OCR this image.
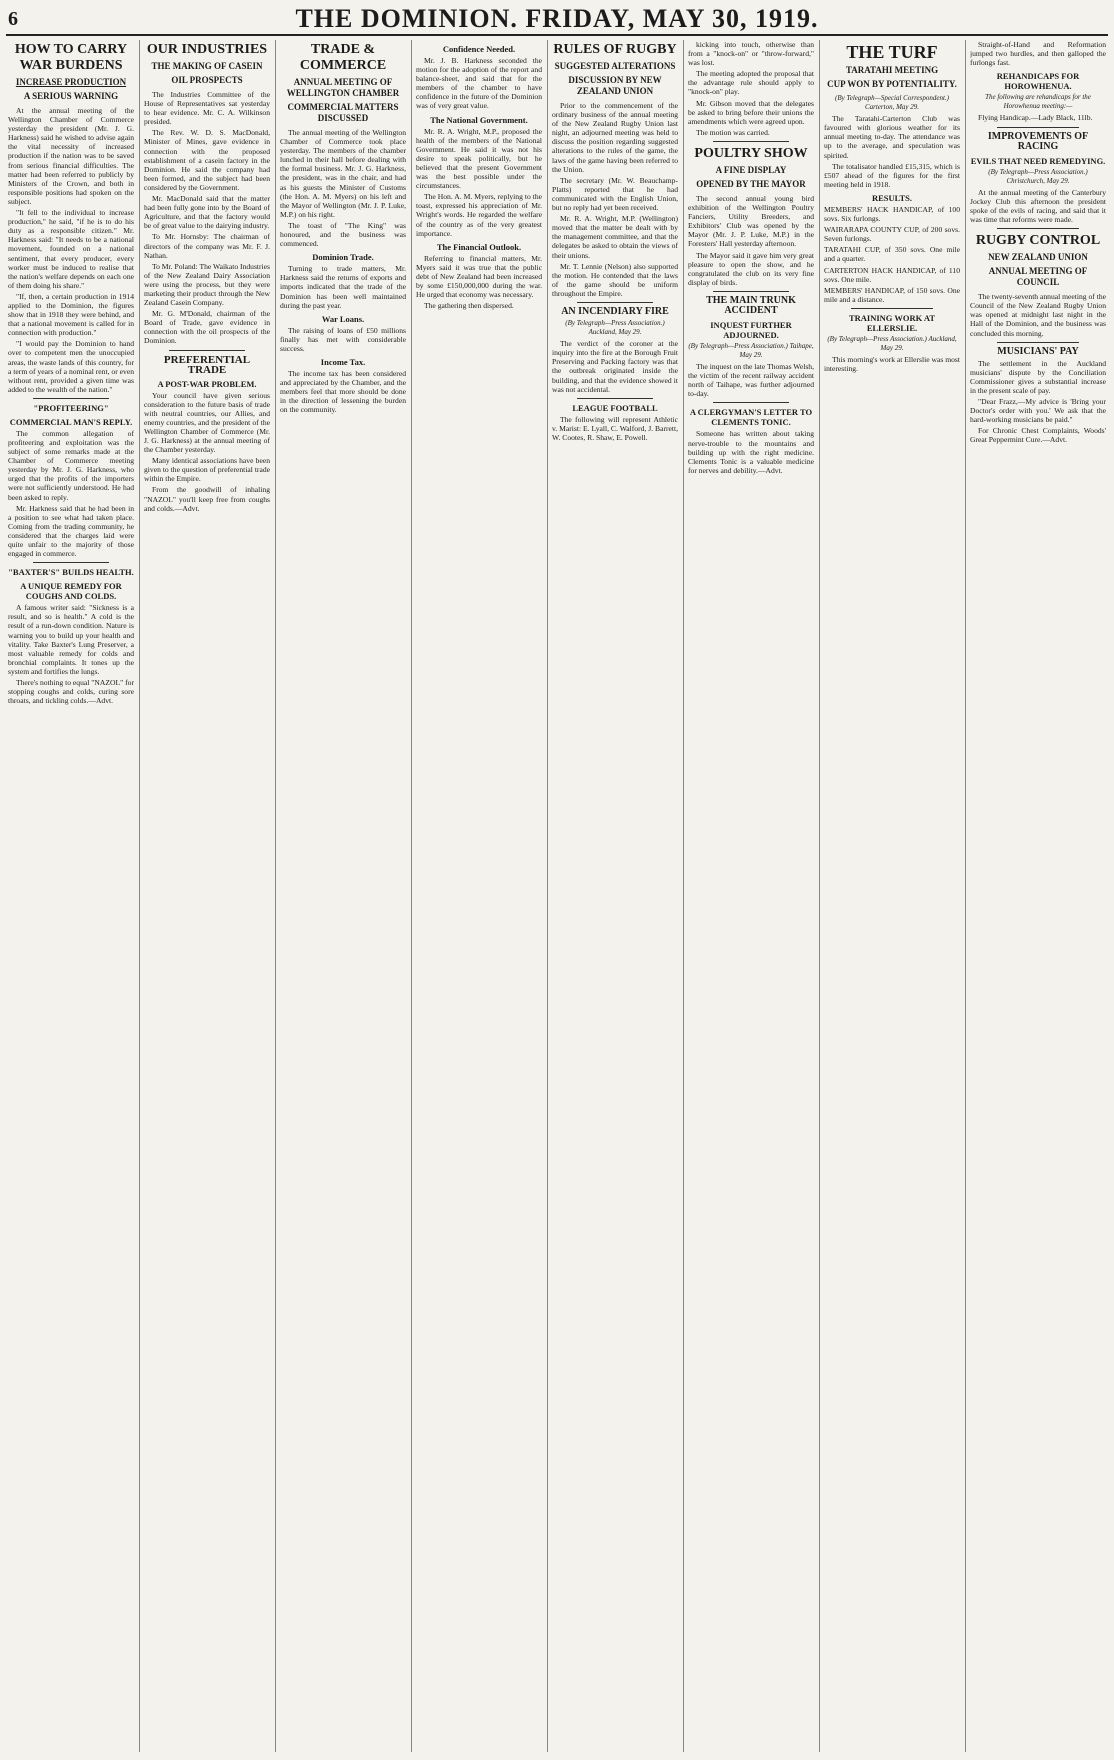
6	THE DOMINION. FRIDAY, MAY 30, 1919.
HOW TO CARRY WAR BURDENS
INCREASE PRODUCTION
A SERIOUS WARNING

At the annual meeting of the Wellington Chamber of Commerce yesterday the president (Mr. J. G. Harkness) said he wished to advise again the vital necessity of increased production if the nation was to be saved from serious financial difficulties. The matter had been referred to publicly by Ministers of the Crown, and both in responsible positions had spoken on the subject.

"It fell to the individual to increase production," he said, "if he is to do his duty as a responsible citizen." Mr. Harkness said: "It needs to be a national movement, founded on a national sentiment, that every producer, every worker must be induced to realise that the nation's welfare depends on each one of them doing his share."

"If, then, a certain production in 1914 applied to the Dominion, the figures show that in 1918 they were behind, and that a national movement is called for in connection with production."

"I would pay the Dominion to hand over to competent men the unoccupied areas, the waste lands of this country, for a term of years of a nominal rent, or even without rent, provided a given time was added to the wealth of the nation."

"PROFITEERING"
COMMERCIAL MAN'S REPLY.

The common allegation of profiteering and exploitation was the subject of some remarks made at the Chamber of Commerce meeting yesterday by Mr. J. G. Harkness, who urged that the profits of the importers were not sufficiently understood. He had been asked to reply.

Mr. Harkness said that he had been in a position to see what had taken place. Coming from the trading community, he considered that the charges laid were quite unfair to the majority of those engaged in commerce.

"BAXTER'S" BUILDS HEALTH.
A UNIQUE REMEDY FOR COUGHS AND COLDS.

A famous writer said: "Sickness is a result, and so is health." A cold is the result of a run-down condition. Nature is warning you to build up your health and vitality. Take Baxter's Lung Preserver, a most valuable remedy for colds and bronchial complaints. It tones up the system and fortifies the lungs.

There's nothing to equal "NAZOL" for stopping coughs and colds, curing sore throats, and tickling colds.—Advt.

OUR INDUSTRIES
THE MAKING OF CASEIN
OIL PROSPECTS

The Industries Committee of the House of Representatives sat yesterday to hear evidence. Mr. C. A. Wilkinson presided.

The Rev. W. D. S. MacDonald, Minister of Mines, gave evidence in connection with the proposed establishment of a casein factory in the Dominion. He said the company had been formed, and the subject had been considered by the Government.

Mr. MacDonald said that the matter had been fully gone into by the Board of Agriculture, and that the factory would be of great value to the dairying industry.

To Mr. Hornsby: The chairman of directors of the company was Mr. F. J. Nathan.

To Mr. Poland: The Waikato Industries of the New Zealand Dairy Association were using the process, but they were marketing their product through the New Zealand Casein Company.

Mr. G. M'Donald, chairman of the Board of Trade, gave evidence in connection with the oil prospects of the Dominion.

PREFERENTIAL TRADE
A POST-WAR PROBLEM.

Your council have given serious consideration to the future basis of trade with neutral countries, our Allies, and enemy countries, and the president of the Wellington Chamber of Commerce (Mr. J. G. Harkness) at the annual meeting of the Chamber yesterday.

Many identical associations have been given to the question of preferential trade within the Empire.

From the goodwill of inhaling "NAZOL" you'll keep free from coughs and colds.—Advt.

TRADE & COMMERCE
ANNUAL MEETING OF WELLINGTON CHAMBER
COMMERCIAL MATTERS DISCUSSED

The annual meeting of the Wellington Chamber of Commerce took place yesterday. The members of the chamber lunched in their hall before dealing with the formal business. Mr. J. G. Harkness, the president, was in the chair, and had as his guests the Minister of Customs (the Hon. A. M. Myers) on his left and the Mayor of Wellington (Mr. J. P. Luke, M.P.) on his right.

The toast of "The King" was honoured, and the business was commenced.

Dominion Trade.

Turning to trade matters, Mr. Harkness said the returns of exports and imports indicated that the trade of the Dominion has been well maintained during the past year.

War Loans.

The raising of loans of £50 millions finally has met with considerable success.

Income Tax.

The income tax has been considered and appreciated by the Chamber, and the members feel that more should be done in the direction of lessening the burden on the community.

Confidence Needed.

Mr. J. B. Harkness seconded the motion for the adoption of the report and balance-sheet, and said that for the members of the chamber to have confidence in the future of the Dominion was of very great value.

The National Government.

Mr. R. A. Wright, M.P., proposed the health of the members of the National Government. He said it was not his desire to speak politically, but he believed that the present Government was the best possible under the circumstances.

The Hon. A. M. Myers, replying to the toast, expressed his appreciation of Mr. Wright's words. He regarded the welfare of the country as of the very greatest importance.

The Financial Outlook.

Referring to financial matters, Mr. Myers said it was true that the public debt of New Zealand had been increased by some £150,000,000 during the war. He urged that economy was necessary.

The gathering then dispersed.

RULES OF RUGBY
SUGGESTED ALTERATIONS
DISCUSSION BY NEW ZEALAND UNION

Prior to the commencement of the ordinary business of the annual meeting of the New Zealand Rugby Union last night, an adjourned meeting was held to discuss the position regarding suggested alterations to the rules of the game, the laws of the game having been referred to the Union.

The secretary (Mr. W. Beauchamp-Platts) reported that he had communicated with the English Union, but no reply had yet been received.

Mr. R. A. Wright, M.P. (Wellington) moved that the matter be dealt with by the management committee, and that the delegates be asked to obtain the views of their unions.

Mr. T. Lennie (Nelson) also supported the motion. He contended that the laws of the game should be uniform throughout the Empire.

AN INCENDIARY FIRE
(By Telegraph—Press Association.) Auckland, May 29.

The verdict of the coroner at the inquiry into the fire at the Borough Fruit Preserving and Packing factory was that the outbreak originated inside the building, and that the evidence showed it was not accidental.

LEAGUE FOOTBALL

The following will represent Athletic v. Marist: E. Lyall, C. Walford, J. Barrett, W. Cootes, R. Shaw, E. Powell.

kicking into touch, otherwise than from a "knock-on" or "throw-forward," was lost.

The meeting adopted the proposal that the advantage rule should apply to "knock-on" play.

Mr. Gibson moved that the delegates be asked to bring before their unions the amendments which were agreed upon.

The motion was carried.

POULTRY SHOW
A FINE DISPLAY
OPENED BY THE MAYOR

The second annual young bird exhibition of the Wellington Poultry Fanciers, Utility Breeders, and Exhibitors' Club was opened by the Mayor (Mr. J. P. Luke, M.P.) in the Foresters' Hall yesterday afternoon.

The Mayor said it gave him very great pleasure to open the show, and he congratulated the club on its very fine display of birds.

THE MAIN TRUNK ACCIDENT
INQUEST FURTHER ADJOURNED.
(By Telegraph—Press Association.) Taihape, May 29.

The inquest on the late Thomas Welsh, the victim of the recent railway accident north of Taihape, was further adjourned to-day.

A CLERGYMAN'S LETTER TO CLEMENTS TONIC.

Someone has written about taking nerve-trouble to the mountains and building up with the right medicine. Clements Tonic is a valuable medicine for nerves and debility.—Advt.

THE TURF
TARATAHI MEETING
CUP WON BY POTENTIALITY.
(By Telegraph—Special Correspondent.) Carterton, May 29.

The Taratahi-Carterton Club was favoured with glorious weather for its annual meeting to-day. The attendance was up to the average, and speculation was spirited.

The totalisator handled £15,315, which is £507 ahead of the figures for the first meeting held in 1918.

RESULTS.

MEMBERS' HACK HANDICAP, of 100 sovs. Six furlongs.

WAIRARAPA COUNTY CUP, of 200 sovs. Seven furlongs.

TARATAHI CUP, of 350 sovs. One mile and a quarter.

CARTERTON HACK HANDICAP, of 110 sovs. One mile.

MEMBERS' HANDICAP, of 150 sovs. One mile and a distance.

TRAINING WORK AT ELLERSLIE.
(By Telegraph—Press Association.) Auckland, May 29.

This morning's work at Ellerslie was most interesting.

Straight-of-Hand and Reformation jumped two hurdles, and then galloped the furlongs fast.

REHANDICAPS FOR HOROWHENUA.
The following are rehandicaps for the Horowhenua meeting:—

Flying Handicap.—Lady Black, 11lb.

IMPROVEMENTS OF RACING
EVILS THAT NEED REMEDYING.
(By Telegraph—Press Association.) Christchurch, May 29.

At the annual meeting of the Canterbury Jockey Club this afternoon the president spoke of the evils of racing, and said that it was time that reforms were made.

RUGBY CONTROL
NEW ZEALAND UNION
ANNUAL MEETING OF COUNCIL

The twenty-seventh annual meeting of the Council of the New Zealand Rugby Union was opened at midnight last night in the Hall of the Dominion, and the business was concluded this morning.

MUSICIANS' PAY

The settlement in the Auckland musicians' dispute by the Conciliation Commissioner gives a substantial increase in the present scale of pay.

"Dear Frazz,—My advice is 'Bring your Doctor's order with you.' We ask that the hard-working musicians be paid."

For Chronic Chest Complaints, Woods' Great Peppermint Cure.—Advt.
